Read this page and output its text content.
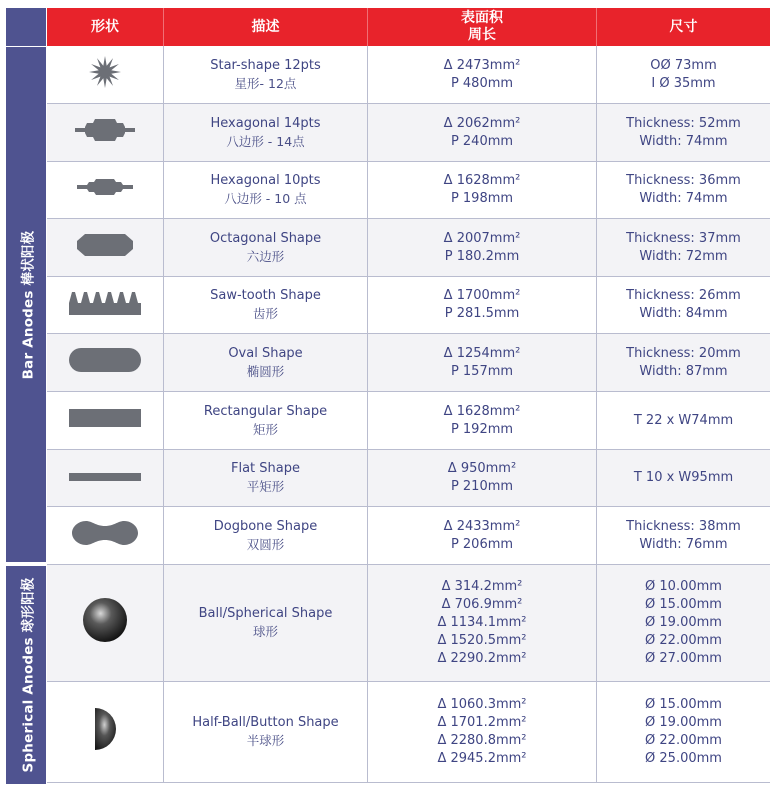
形状	描述
表面积
周长
尺寸
Bar Anodes 棒状阳极
Spherical Anodes 球形阳极
Star-shape 12pts
星形- 12点
Δ 2473mm²
P 480mm
OØ 73mm
I Ø 35mm
Hexagonal 14pts
八边形 - 14点
Δ 2062mm²
P 240mm
Thickness: 52mm
Width: 74mm
Hexagonal 10pts
八边形 - 10 点
Δ 1628mm²
P 198mm
Thickness: 36mm
Width: 74mm
Octagonal Shape
六边形
Δ 2007mm²
P 180.2mm
Thickness: 37mm
Width: 72mm
Saw-tooth Shape
齿形
Δ 1700mm²
P 281.5mm
Thickness: 26mm
Width: 84mm
Oval Shape
椭圆形
Δ 1254mm²
P 157mm
Thickness: 20mm
Width: 87mm
Rectangular Shape
矩形
Δ 1628mm²
P 192mm
T 22 x W74mm
Flat Shape
平矩形
Δ 950mm²
P 210mm
T 10 x W95mm
Dogbone Shape
双圆形
Δ 2433mm²
P 206mm
Thickness: 38mm
Width: 76mm
Ball/Spherical Shape
球形
Δ 314.2mm²
Δ 706.9mm²
Δ 1134.1mm²
Δ 1520.5mm²
Δ 2290.2mm²
Ø 10.00mm
Ø 15.00mm
Ø 19.00mm
Ø 22.00mm
Ø 27.00mm
Half-Ball/Button Shape
半球形
Δ 1060.3mm²
Δ 1701.2mm²
Δ 2280.8mm²
Δ 2945.2mm²
Ø 15.00mm
Ø 19.00mm
Ø 22.00mm
Ø 25.00mm
